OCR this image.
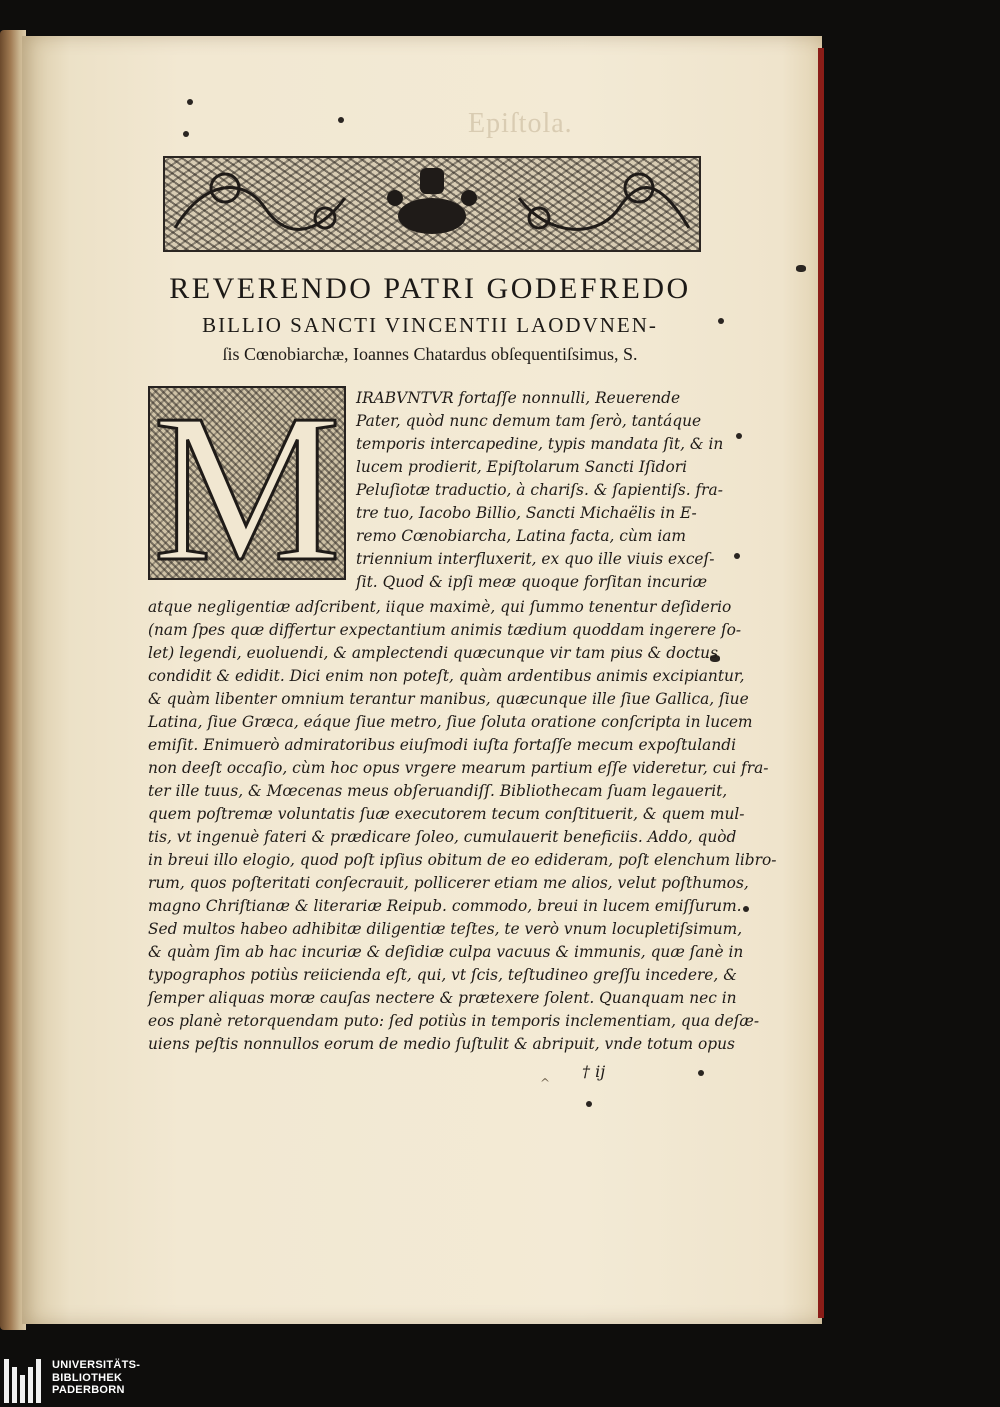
Epiſtola.
REVERENDO PATRI GODEFREDO
BILLIO SANCTI VINCENTII LAODVNEN-
ſis Cœnobiarchæ, Ioannes Chatardus obſequentiſsimus, S.
M IRABVNTVR fortaſſe nonnulli, Reuerende
Pater, quòd nunc demum tam ſerò, tantáque
temporis intercapedine, typis mandata ſit, & in
lucem prodierit, Epiſtolarum Sancti Iſidori
Peluſiotæ traductio, à chariſs. & ſapientiſs. fra-
tre tuo, Iacobo Billio, Sancti Michaëlis in E-
remo Cœnobiarcha, Latina facta, cùm iam
triennium interfluxerit, ex quo ille viuis exceſ-
ſit. Quod & ipſi meæ quoque forſitan incuriæ
atque negligentiæ adſcribent, iique maximè, qui ſummo tenentur deſiderio
(nam ſpes quæ differtur expectantium animis tædium quoddam ingerere ſo-
let) legendi, euoluendi, & amplectendi quæcunque vir tam pius & doctus
condidit & edidit. Dici enim non poteſt, quàm ardentibus animis excipiantur,
& quàm libenter omnium terantur manibus, quæcunque ille ſiue Gallica, ſiue
Latina, ſiue Græca, eáque ſiue metro, ſiue ſoluta oratione conſcripta in lucem
emiſit. Enimuerò admiratoribus eiuſmodi iuſta fortaſſe mecum expoſtulandi
non deeſt occaſio, cùm hoc opus vrgere mearum partium eſſe videretur, cui fra-
ter ille tuus, & Mœcenas meus obſeruandiſſ. Bibliothecam ſuam legauerit,
quem poſtremæ voluntatis ſuæ executorem tecum conſtituerit, & quem mul-
tis, vt ingenuè fateri & prædicare ſoleo, cumulauerit beneficiis. Addo, quòd
in breui illo elogio, quod poſt ipſius obitum de eo edideram, poſt elenchum libro-
rum, quos poſteritati conſecrauit, pollicerer etiam me alios, velut poſthumos,
magno Chriſtianæ & literariæ Reipub. commodo, breui in lucem emiſſurum.
Sed multos habeo adhibitæ diligentiæ teſtes, te verò vnum locupletiſsimum,
& quàm ſim ab hac incuriæ & deſidiæ culpa vacuus & immunis, quæ ſanè in
typographos potiùs reiicienda eſt, qui, vt ſcis, teſtudineo greſſu incedere, &
ſemper aliquas moræ cauſas nectere & prætexere ſolent. Quanquam nec in
eos planè retorquendam puto: ſed potiùs in temporis inclementiam, qua deſæ-
uiens peſtis nonnullos eorum de medio ſuſtulit & abripuit, vnde totum opus
^
† ij
UNIVERSITÄTS-
BIBLIOTHEK
PADERBORN
